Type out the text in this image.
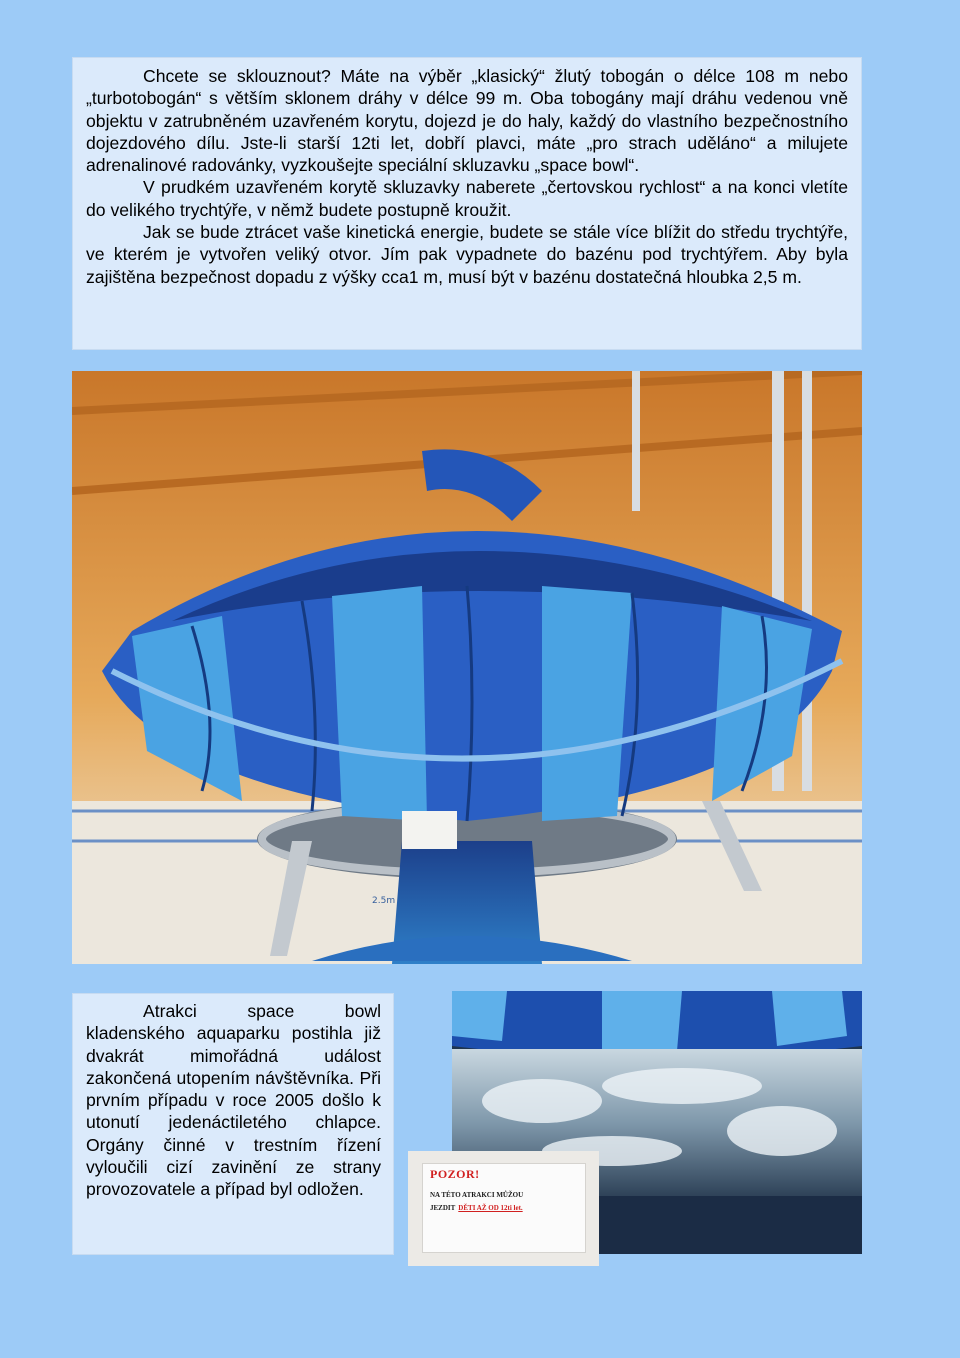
Chcete se sklouznout? Máte na výběr „klasický“ žlutý tobogán o délce 108 m nebo „turbotobogán“ s větším sklonem dráhy v délce 99 m. Oba tobogány mají dráhu vedenou vně objektu v zatrubněném uzavřeném korytu, dojezd je do haly, každý do vlastního bezpečnostního dojezdového dílu. Jste-li starší 12ti let, dobří plavci, máte „pro strach uděláno“ a milujete adrenalinové radovánky, vyzkoušejte speciální skluzavku „space bowl“.

V prudkém uzavřeném korytě skluzavky naberete „čertovskou rychlost“ a na konci vletíte do velikého trychtýře, v němž budete postupně kroužit.

Jak se bude ztrácet vaše kinetická energie, budete se stále více blížit do středu trychtýře, ve kterém je vytvořen veliký otvor. Jím pak vypadnete do bazénu pod trychtýřem. Aby byla zajištěna bezpečnost dopadu z výšky cca1 m, musí být v bazénu dostatečná hloubka 2,5 m.

2.5m

Atrakci space bowl kladenského aquaparku postihla již dvakrát mimořádná událost zakončená utopením návštěvníka. Při prvním případu v roce 2005 došlo k utonutí jedenáctiletého chlapce. Orgány činné v trestním řízení vyloučili cizí zavinění ze strany provozovatele a případ byl odložen.

POZOR!
NA TÉTO ATRAKCI MŮŽOU
JEZDIT DĚTI AŽ OD 12ti let.
